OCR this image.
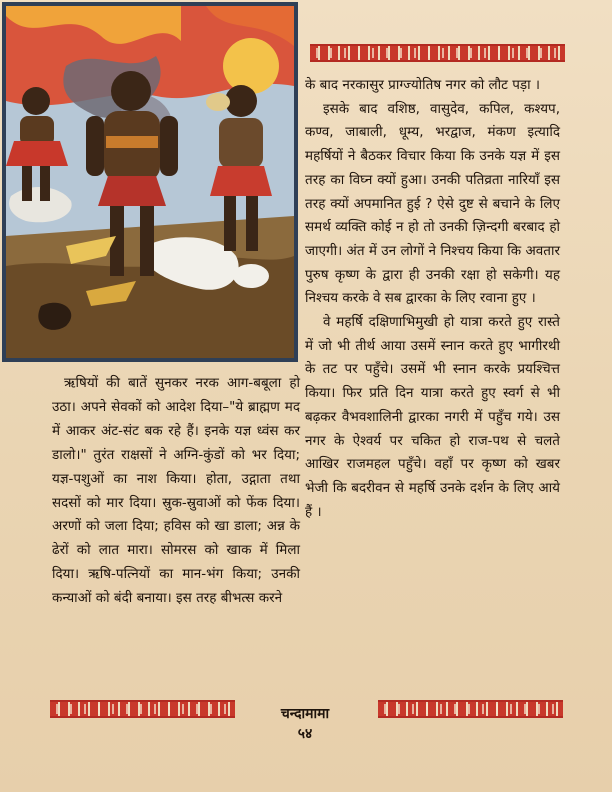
के बाद नरकासुर प्राग्ज्योतिष नगर को लौट पड़ा ।

इसके बाद वशिष्ठ, वासुदेव, कपिल, कश्यप, कण्व, जाबाली, धूम्य, भरद्वाज, मंकण इत्यादि महर्षियों ने बैठकर विचार किया कि उनके यज्ञ में इस तरह का विघ्न क्यों हुआ। उनकी पतिव्रता नारियाँ इस तरह क्यों अपमानित हुई ? ऐसे दुष्ट से बचाने के लिए समर्थ व्यक्ति कोई न हो तो उनकी ज़िन्दगी बरबाद हो जाएगी। अंत में उन लोगों ने निश्चय किया कि अवतार पुरुष कृष्ण के द्वारा ही उनकी रक्षा हो सकेगी। यह निश्चय करके वे सब द्वारका के लिए रवाना हुए ।

वे महर्षि दक्षिणाभिमुखी हो यात्रा करते हुए रास्ते में जो भी तीर्थ आया उसमें स्नान करते हुए भागीरथी के तट पर पहुँचे। उसमें भी स्नान करके प्रयश्चित्त किया। फिर प्रति दिन यात्रा करते हुए स्वर्ग से भी बढ़कर वैभवशालिनी द्वारका नगरी में पहुँच गये। उस नगर के ऐश्वर्य पर चकित हो राज-पथ से चलते आखिर राजमहल पहुँचे। वहाँ पर कृष्ण को खबर भेजी कि बदरीवन से महर्षि उनके दर्शन के लिए आये हैं ।

ऋषियों की बातें सुनकर नरक आग-बबूला हो उठा। अपने सेवकों को आदेश दिया–"ये ब्राह्मण मद में आकर अंट-संट बक रहे हैं। इनके यज्ञ ध्वंस कर डालो।" तुरंत राक्षसों ने अग्नि-कुंडों को भर दिया; यज्ञ-पशुओं का नाश किया। होता, उद्गाता तथा सदसों को मार दिया। स्रुक-स्रुवाओं को फेंक दिया। अरणों को जला दिया; हविस को खा डाला; अन्न के ढेरों को लात मारा। सोमरस को खाक में मिला दिया। ऋषि-पत्नियों का मान-भंग किया; उनकी कन्याओं को बंदी बनाया। इस तरह बीभत्स करने

चन्दामामा
५४
